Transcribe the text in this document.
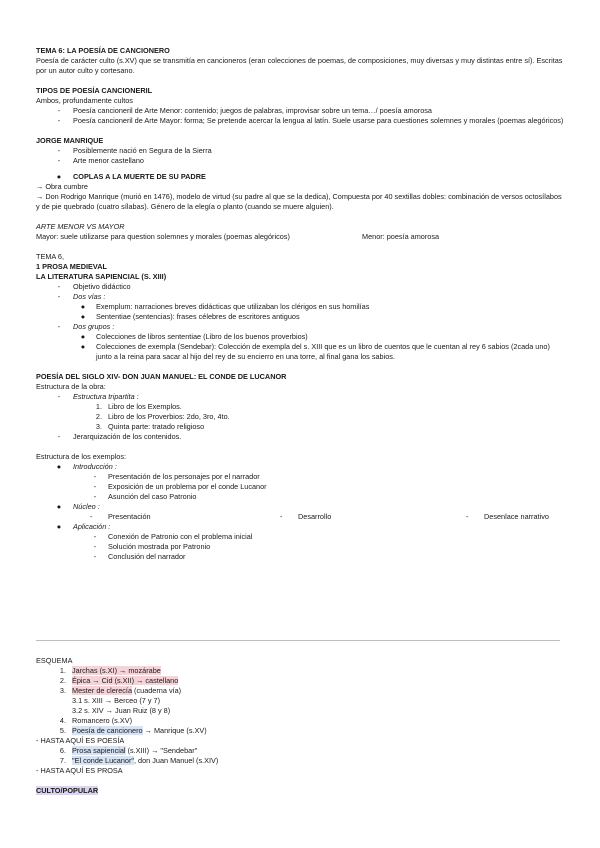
TEMA 6: LA POESÍA DE CANCIONERO

Poesía de carácter culto (s.XV) que se transmitía en cancioneros (eran colecciones de poemas, de composiciones, muy diversas y muy distintas entre sí). Escritas por un autor culto y cortesano.

TIPOS DE POESÍA CANCIONERIL

Ambos, profundamente cultos

-	Poesía cancioneril de Arte Menor: contenido; juegos de palabras, improvisar sobre un tema…/ poesía amorosa
-	Poesía cancioneril de Arte Mayor: forma; Se pretende acercar la lengua al latín. Suele usarse para cuestiones solemnes y morales (poemas alegóricos)

JORGE MANRIQUE

-	Posiblemente nació en Segura de la Sierra
-	Arte menor castellano
●	COPLAS A LA MUERTE DE SU PADRE

→ Obra cumbre

→ Don Rodrigo Manrique (murió en 1476), modelo de virtud (su padre al que se la dedica), Compuesta por 40 sextillas dobles: combinación de versos octosílabos y de pie quebrado (cuatro sílabas). Género de la elegía o planto (cuando se muere alguien).

ARTE MENOR VS MAYOR

Mayor: suele utilizarse para question solemnes y morales (poemas alegóricos)	Menor: poesía amorosa

TEMA 6,

1 PROSA MEDIEVAL

LA LITERATURA SAPIENCIAL (S. XIII)

-	Objetivo didáctico
-	Dos vías :
●	Exemplum: narraciones breves didácticas que utilizaban los clérigos en sus homilías
●	Sententiae (sentencias): frases célebres de escritores antiguos
-	Dos grupos :
●	Colecciones de libros sententiae (Libro de los buenos proverbios)
●	Colecciones de exempla (Sendebar): Colección de exempla del s. XIII que es un libro de cuentos que le cuentan al rey 6 sabios (2cada uno) junto a la reina para sacar al hijo del rey de su encierro en una torre, al final gana los sabios.

POESÍA DEL SIGLO XIV- DON JUAN MANUEL: EL CONDE DE LUCANOR

Estructura de la obra:

-	Estructura tripartita :
1. Libro de los Exemplos.
2. Libro de los Proverbios: 2do, 3ro, 4to.
3. Quinta parte: tratado religioso
-	Jerarquización de los contenidos.

Estructura de los exemplos:

●	Introducción :
-	Presentación de los personajes por el narrador
-	Exposición de un problema por el conde Lucanor
-	Asunción del caso Patronio
●	Núcleo :
- Presentación	- Desarrollo	- Desenlace narrativo
●	Aplicación :
-	Conexión de Patronio con el problema inicial
-	Solución mostrada por Patronio
-	Conclusión del narrador

ESQUEMA

1. Jarchas (s.XI) → mozárabe
2. Épica → Cid (s.XII) → castellano
3. Mester de clerecía (cuaderna vía)
3.1 s. XIII → Berceo (7 y 7)
3.2 s. XIV → Juan Ruiz (8 y 8)
4. Romancero (s.XV)
5. Poesía de cancionero → Manrique (s.XV)

- HASTA AQUÍ ES POESÍA

6. Prosa sapiencial (s.XIII) → "Sendebar"
7. "El conde Lucanor", don Juan Manuel (s.XIV)

- HASTA AQUÍ ES PROSA

CULTO/POPULAR
